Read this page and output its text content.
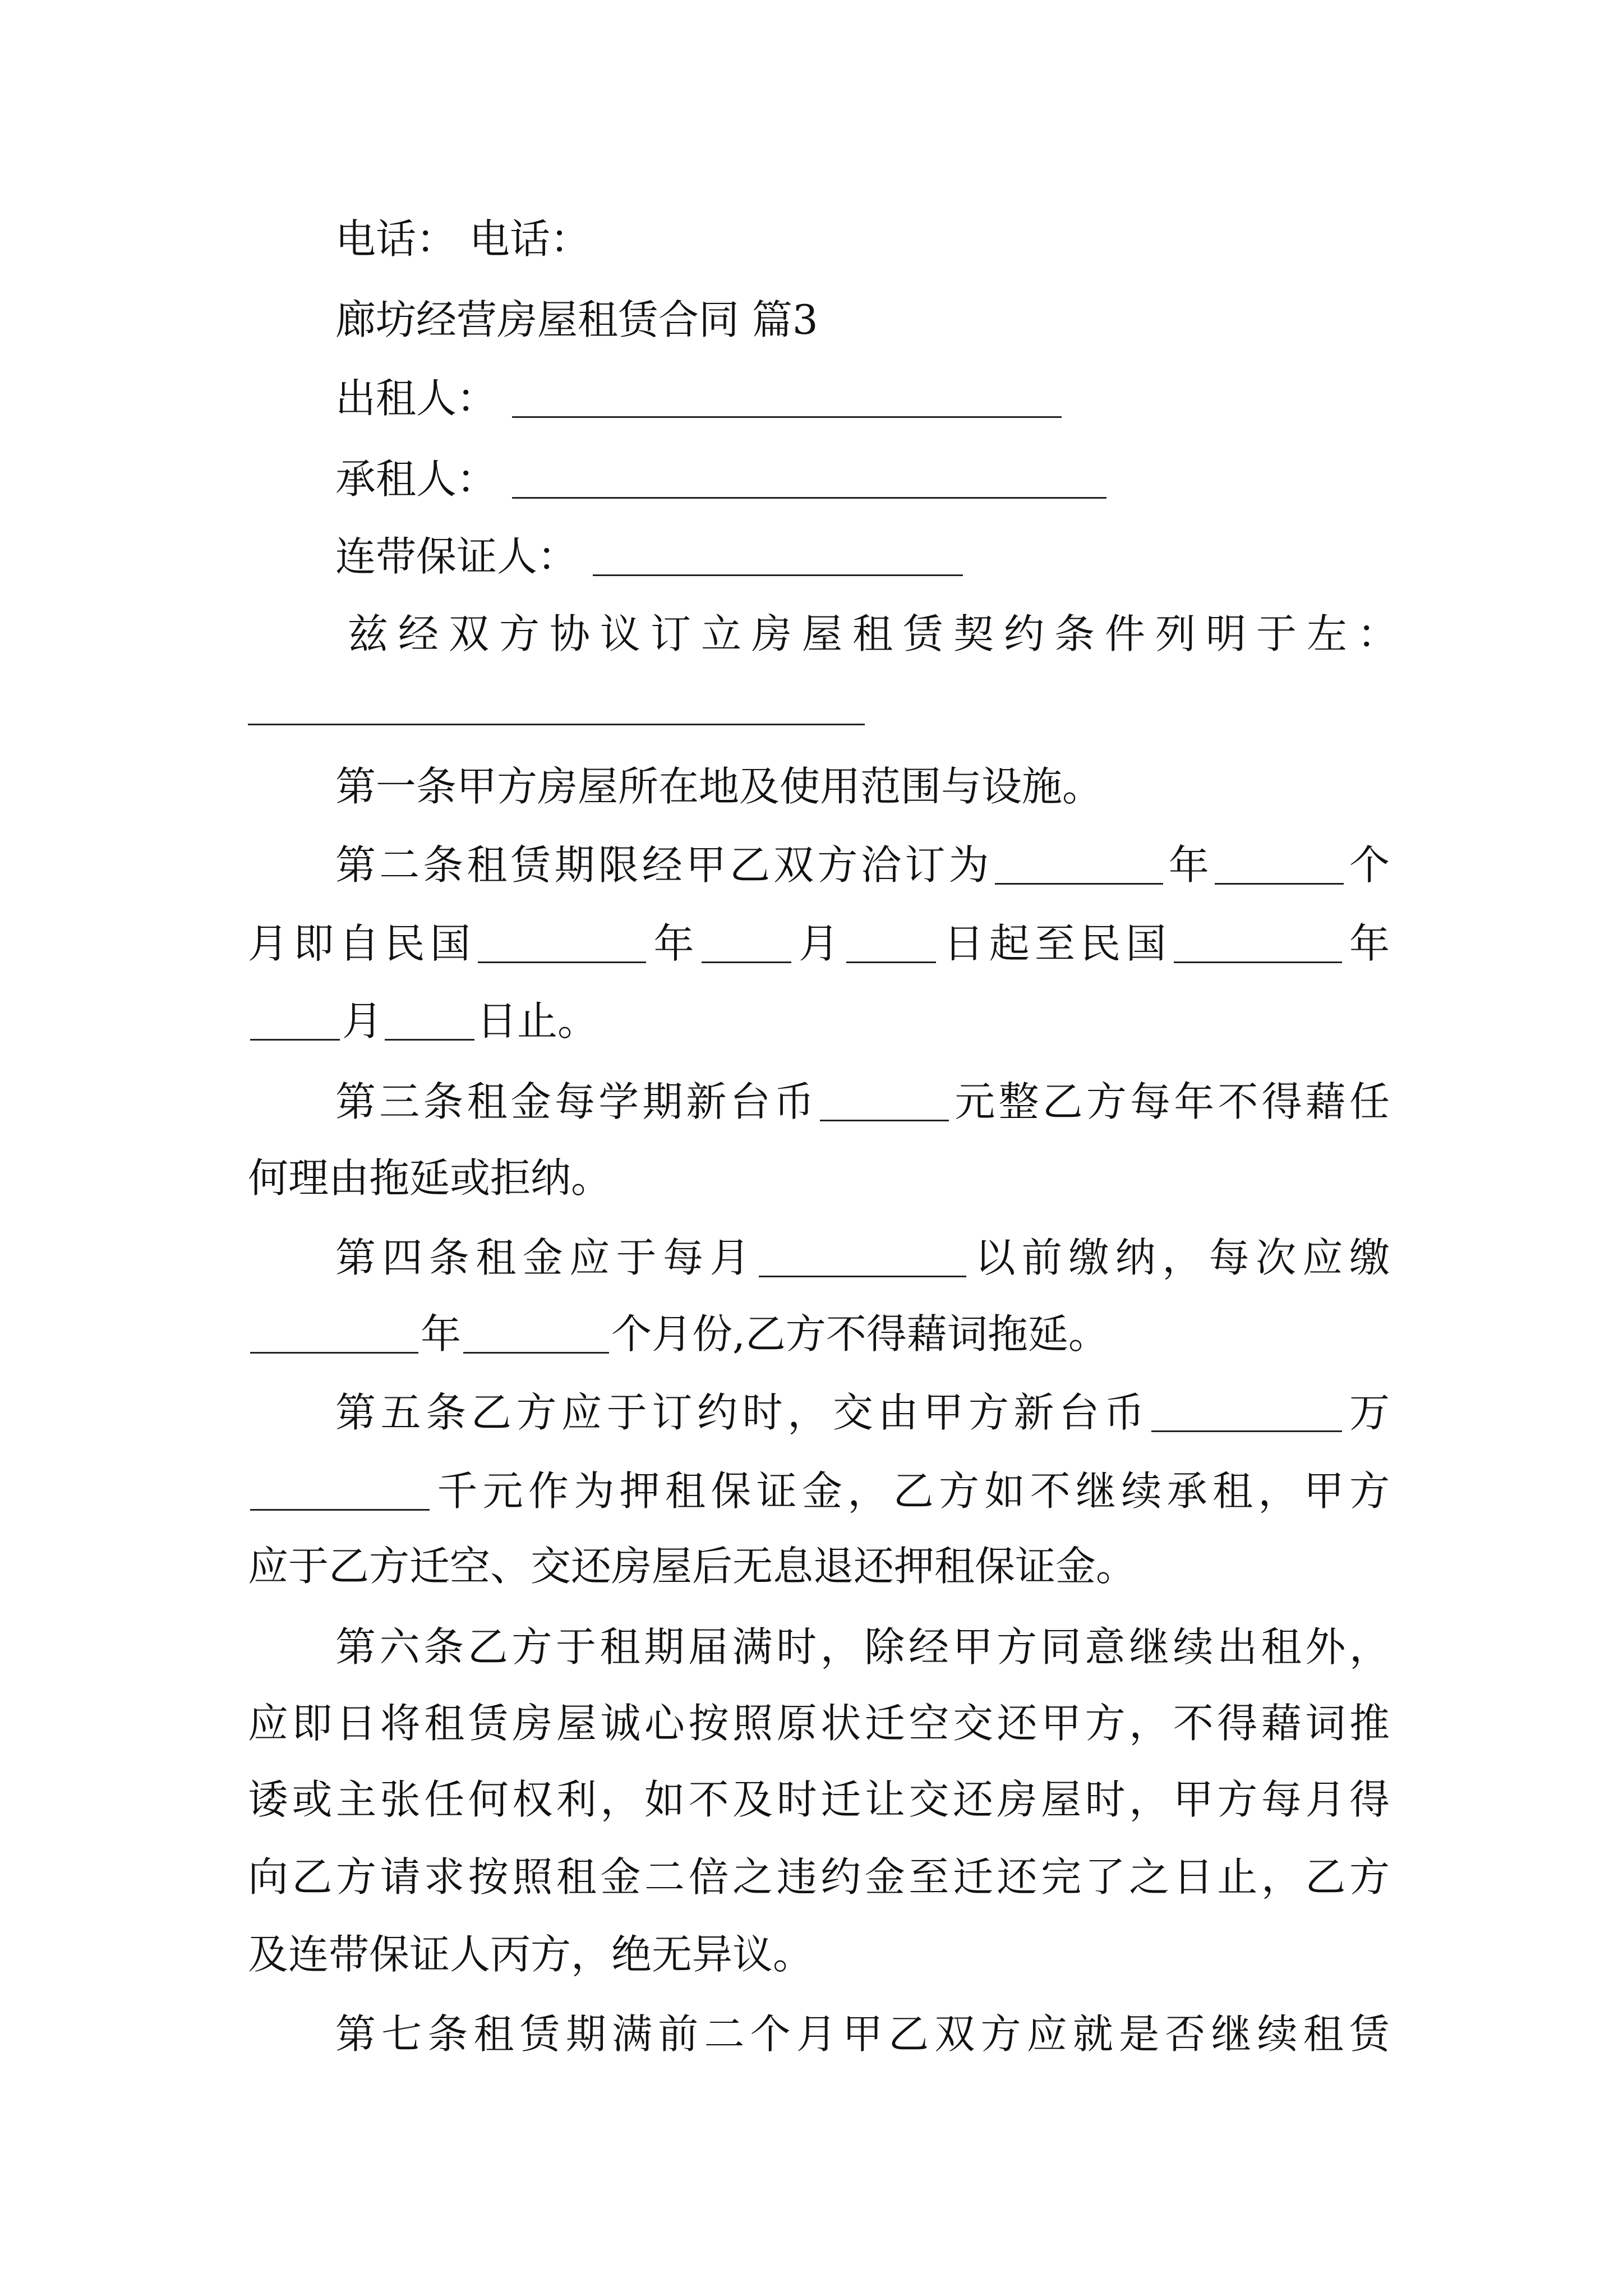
电话： 电话：
廊坊经营房屋租赁合同 篇3
出租人：
承租人：
连带保证人：
兹经双方协议订立房屋租赁契约条件列明于左：
第一条甲方房屋所在地及使用范围与设施。
第二条租赁期限经甲乙双方洽订为	年	个
月即自民国	年 月 日起至民国	年
月 日止。
第三条租金每学期新台币	元整乙方每年不得藉任
何理由拖延或拒纳。
第四条租金应于每月	以前缴纳，每次应缴
年	个月份,乙方不得藉词拖延。
第五条乙方应于订约时，交由甲方新台币	万
千元作为押租保证金，乙方如不继续承租，甲方
应于乙方迁空、交还房屋后无息退还押租保证金。
第六条乙方于租期届满时，除经甲方同意继续出租外，
应即日将租赁房屋诚心按照原状迁空交还甲方，不得藉词推
诿或主张任何权利，如不及时迁让交还房屋时，甲方每月得
向乙方请求按照租金二倍之违约金至迁还完了之日止，乙方
及连带保证人丙方，绝无异议。
第七条租赁期满前二个月甲乙双方应就是否继续租赁
